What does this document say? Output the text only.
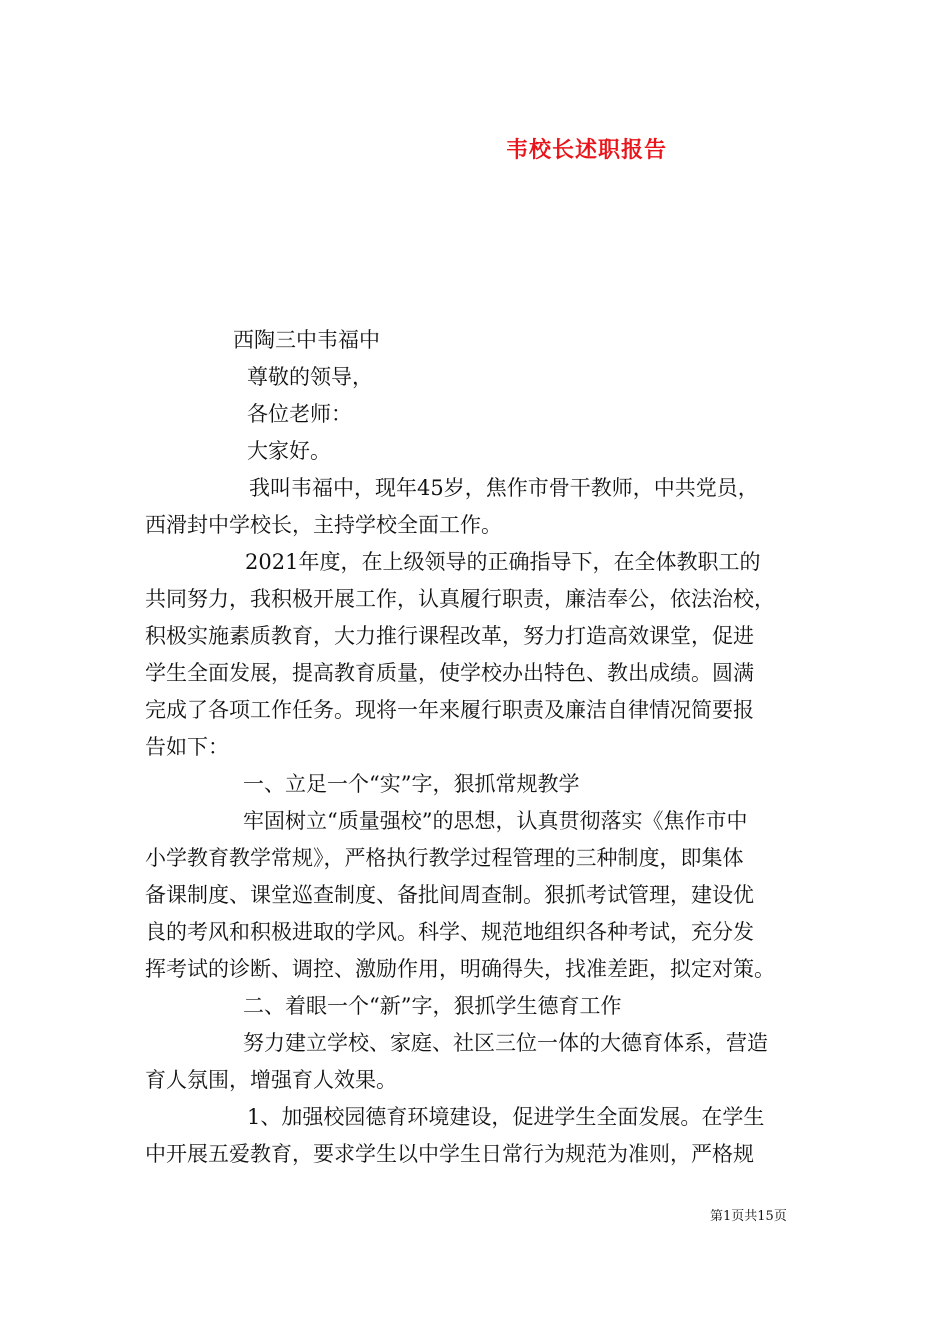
韦校长述职报告
西陶三中韦福中
尊敬的领导，
各位老师：
大家好。
我叫韦福中，现年45岁，焦作市骨干教师，中共党员，
西滑封中学校长，主持学校全面工作。
2021年度，在上级领导的正确指导下，在全体教职工的
共同努力，我积极开展工作，认真履行职责，廉洁奉公，依法治校，
积极实施素质教育，大力推行课程改革，努力打造高效课堂，促进
学生全面发展，提高教育质量，使学校办出特色、教出成绩。圆满
完成了各项工作任务。现将一年来履行职责及廉洁自律情况简要报
告如下：
一、立足一个“实”字，狠抓常规教学
牢固树立“质量强校”的思想，认真贯彻落实《焦作市中
小学教育教学常规》，严格执行教学过程管理的三种制度，即集体
备课制度、课堂巡查制度、备批间周查制。狠抓考试管理，建设优
良的考风和积极进取的学风。科学、规范地组织各种考试，充分发
挥考试的诊断、调控、激励作用，明确得失，找准差距，拟定对策。
二、着眼一个“新”字，狠抓学生德育工作
努力建立学校、家庭、社区三位一体的大德育体系，营造
育人氛围，增强育人效果。
1、加强校园德育环境建设，促进学生全面发展。在学生
中开展五爱教育，要求学生以中学生日常行为规范为准则，严格规
第1页共15页
